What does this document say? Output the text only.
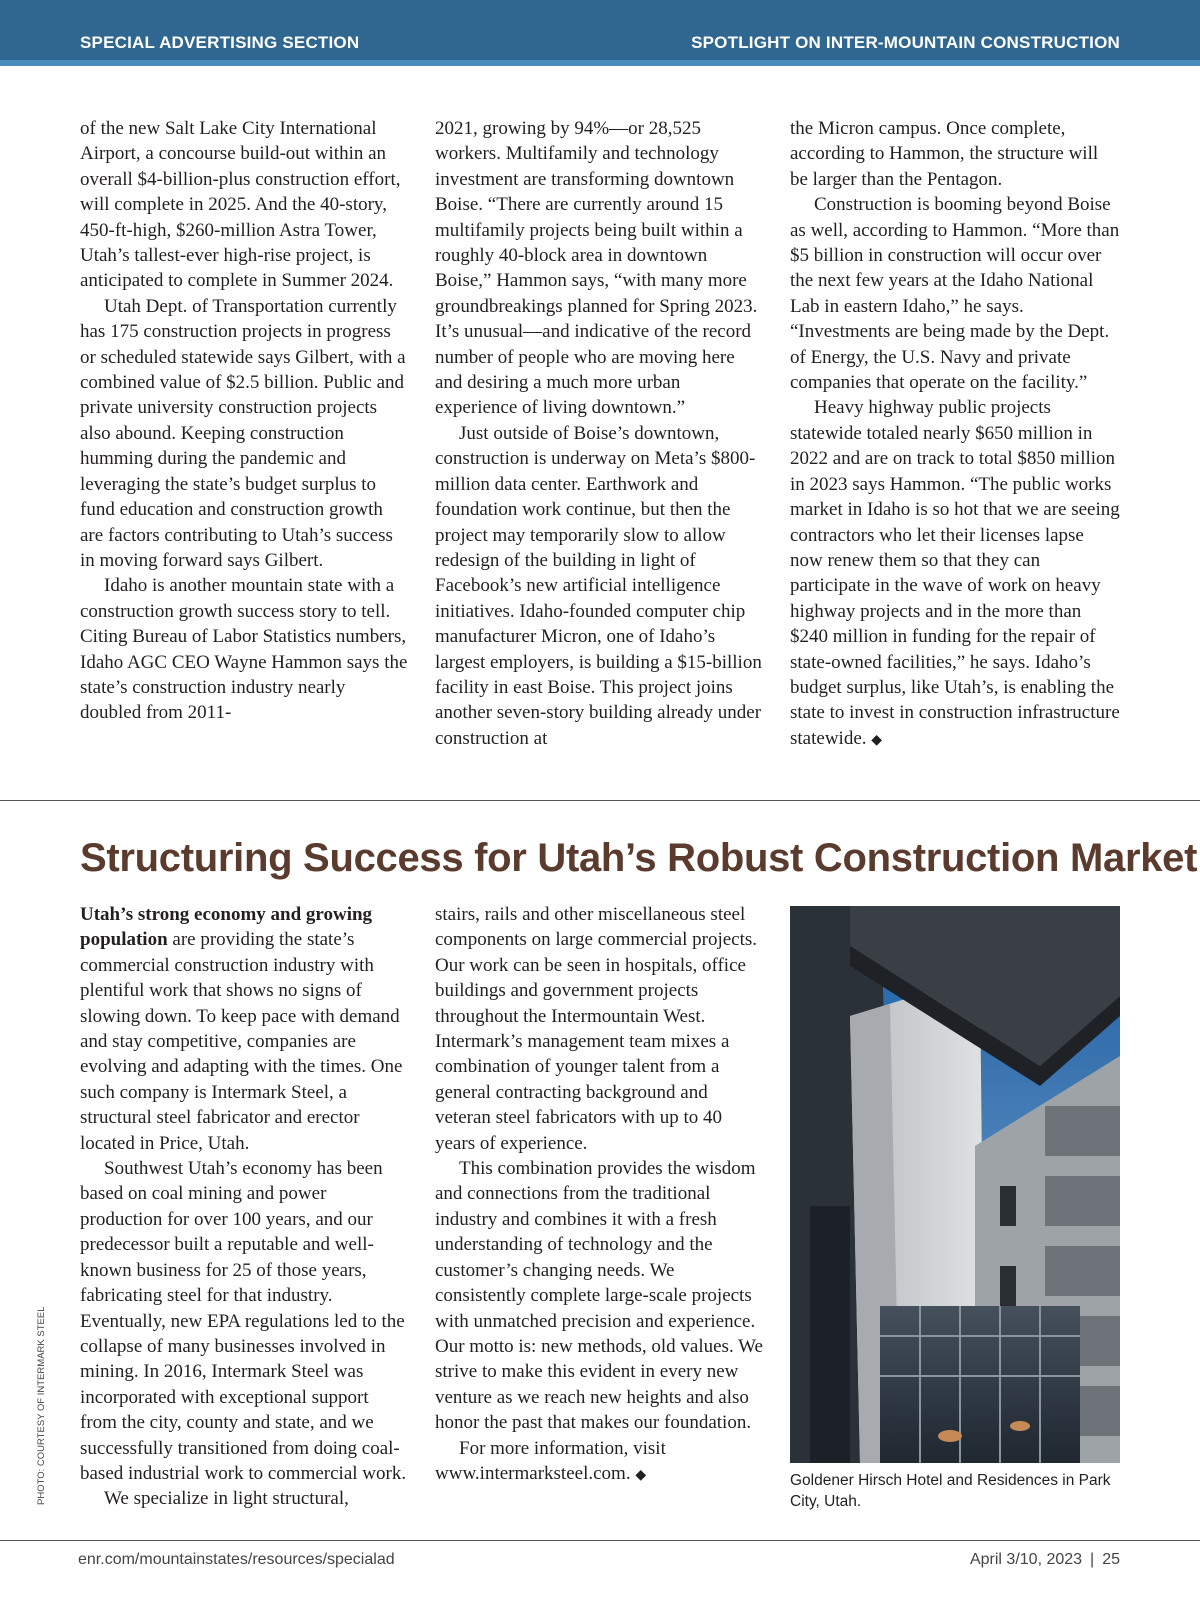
SPECIAL ADVERTISING SECTION	SPOTLIGHT ON INTER-MOUNTAIN CONSTRUCTION

of the new Salt Lake City International Airport, a concourse build-out within an overall $4-billion-plus construction effort, will complete in 2025. And the 40-story, 450-ft-high, $260-million Astra Tower, Utah’s tallest-ever high-rise project, is anticipated to complete in Summer 2024.

Utah Dept. of Transportation currently has 175 construction projects in progress or scheduled statewide says Gilbert, with a combined value of $2.5 billion. Public and private university construction projects also abound. Keeping construction humming during the pandemic and leveraging the state’s budget surplus to fund education and construction growth are factors contributing to Utah’s success in moving forward says Gilbert.

Idaho is another mountain state with a construction growth success story to tell. Citing Bureau of Labor Statistics numbers, Idaho AGC CEO Wayne Hammon says the state’s construction industry nearly doubled from 2011-

2021, growing by 94%—or 28,525 workers. Multifamily and technology investment are transforming downtown Boise. “There are currently around 15 multifamily projects being built within a roughly 40-block area in downtown Boise,” Hammon says, “with many more groundbreakings planned for Spring 2023. It’s unusual—and indicative of the record number of people who are moving here and desiring a much more urban experience of living downtown.”

Just outside of Boise’s downtown, construction is underway on Meta’s $800-million data center. Earthwork and foundation work continue, but then the project may temporarily slow to allow redesign of the building in light of Facebook’s new artificial intelligence initiatives. Idaho-founded computer chip manufacturer Micron, one of Idaho’s largest employers, is building a $15-billion facility in east Boise. This project joins another seven-story building already under construction at

the Micron campus. Once complete, according to Hammon, the structure will be larger than the Pentagon.

Construction is booming beyond Boise as well, according to Hammon. “More than $5 billion in construction will occur over the next few years at the Idaho National Lab in eastern Idaho,” he says. “Investments are being made by the Dept. of Energy, the U.S. Navy and private companies that operate on the facility.”

Heavy highway public projects statewide totaled nearly $650 million in 2022 and are on track to total $850 million in 2023 says Hammon. “The public works market in Idaho is so hot that we are seeing contractors who let their licenses lapse now renew them so that they can participate in the wave of work on heavy highway projects and in the more than $240 million in funding for the repair of state-owned facilities,” he says. Idaho’s budget surplus, like Utah’s, is enabling the state to invest in construction infrastructure statewide. ◆

Structuring Success for Utah’s Robust Construction Market

Utah’s strong economy and growing population are providing the state’s commercial construction industry with plentiful work that shows no signs of slowing down. To keep pace with demand and stay competitive, companies are evolving and adapting with the times. One such company is Intermark Steel, a structural steel fabricator and erector located in Price, Utah.

Southwest Utah’s economy has been based on coal mining and power production for over 100 years, and our predecessor built a reputable and well-known business for 25 of those years, fabricating steel for that industry. Eventually, new EPA regulations led to the collapse of many businesses involved in mining. In 2016, Intermark Steel was incorporated with exceptional support from the city, county and state, and we successfully transitioned from doing coal-based industrial work to commercial work.

We specialize in light structural,

stairs, rails and other miscellaneous steel components on large commercial projects. Our work can be seen in hospitals, office buildings and government projects throughout the Intermountain West. Intermark’s management team mixes a combination of younger talent from a general contracting background and veteran steel fabricators with up to 40 years of experience.

This combination provides the wisdom and connections from the traditional industry and combines it with a fresh understanding of technology and the customer’s changing needs. We consistently complete large-scale projects with unmatched precision and experience. Our motto is: new methods, old values. We strive to make this evident in every new venture as we reach new heights and also honor the past that makes our foundation.

For more information, visit www.intermarksteel.com. ◆	Goldener Hirsch Hotel and Residences in Park City, Utah.
PHOTO: COURTESY OF INTERMARK STEEL
enr.com/mountainstates/resources/specialad	April 3/10, 2023 | 25
